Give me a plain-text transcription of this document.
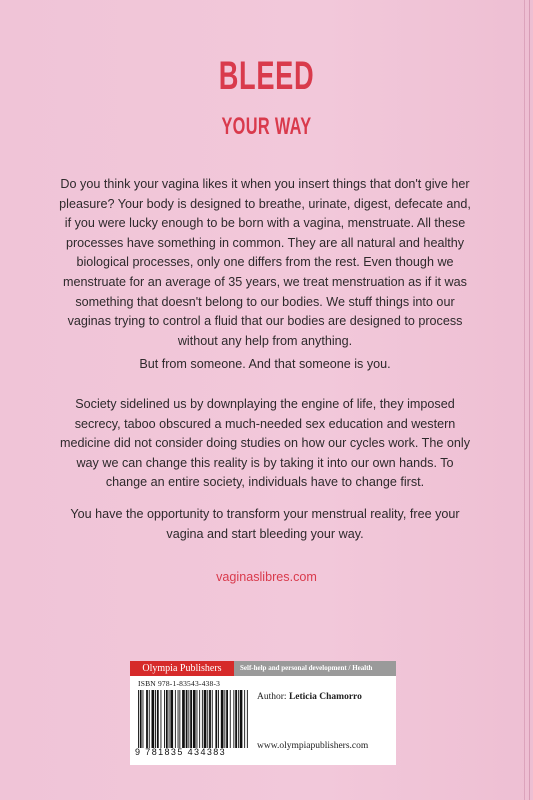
BLEED
YOUR WAY
Do you think your vagina likes it when you insert things that don't give her pleasure? Your body is designed to breathe, urinate, digest, defecate and, if you were lucky enough to be born with a vagina, menstruate. All these processes have something in common. They are all natural and healthy biological processes, only one differs from the rest. Even though we menstruate for an average of 35 years, we treat menstruation as if it was something that doesn't belong to our bodies. We stuff things into our vaginas trying to control a fluid that our bodies are designed to process without any help from anything.
But from someone. And that someone is you.
Society sidelined us by downplaying the engine of life, they imposed secrecy, taboo obscured a much-needed sex education and western medicine did not consider doing studies on how our cycles work. The only way we can change this reality is by taking it into our own hands. To change an entire society, individuals have to change first.
You have the opportunity to transform your menstrual reality, free your vagina and start bleeding your way.
vaginaslibres.com
Olympia Publishers	Self-help and personal development / Health
ISBN 978-1-83543-438-3
9 781835 434383
Author: Leticia Chamorro
www.olympiapublishers.com
